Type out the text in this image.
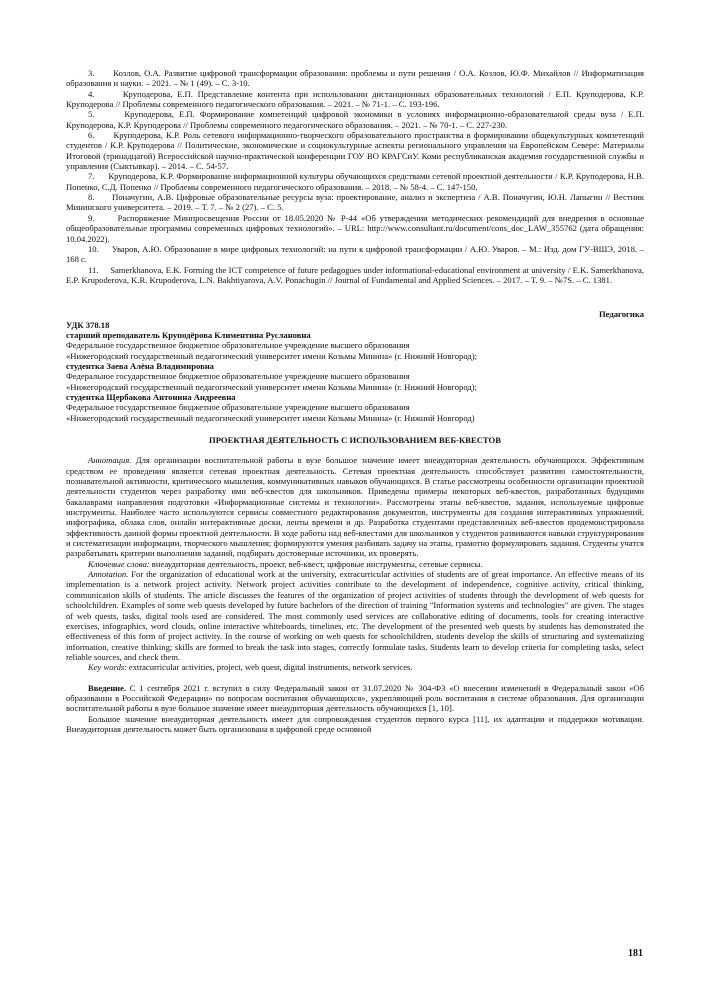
3. Козлов, О.А. Развитие цифровой трансформации образования: проблемы и пути решения / О.А. Козлов, Ю.Ф. Михайлов // Информатизация образования и науки. – 2021. – № 1 (49). – С. 3-10.

4.	Круподерова, Е.П. Представление контента при использовании дистанционных образовательных технологий / Е.П. Круподерова, К.Р. Круподерова // Проблемы современного педагогического образования. – 2021. – № 71-1. – С. 193-196.

5.	Круподерова, Е.П. Формирование компетенций цифровой экономики в условиях информационно-образовательной среды вуза / Е.П. Круподерова, К.Р. Круподерова // Проблемы современного педагогического образования. – 2021. – № 70-1. – С. 227-230.

6. Круподерова, К.Р. Роль сетевого информационно-творческого образовательного пространства в формировании общекультурных компетенций студентов / К.Р. Круподерова // Политические, экономические и социокультурные аспекты регионального управления на Европейском Севере: Материалы Итоговой (тринадцатой) Всероссийской научно-практической конференции ГОУ ВО КРАГСиУ. Коми республиканская академия государственной службы и управления (Сыктывкар). – 2014. – С. 54-57.

7. Круподерова, К.Р. Формирование информационной культуры обучающихся средствами сетевой проектной деятельности / К.Р. Круподерова, Н.В. Попенко, С.Д. Попенко // Проблемы современного педагогического образования. – 2018. – № 58-4. – С. 147-150.

8. Поначугин, А.В. Цифровые образовательные ресурсы вуза: проектирование, анализ и экспертиза / А.В. Поначугин, Ю.Н. Лапыгин // Вестник Мининского университета. – 2019. – Т. 7. – № 2 (27). – С. 5.

9.	Распоряжение Минпросвещения России от 18.05.2020 № Р-44 «Об утверждении методических рекомендаций для внедрения в основные общеобразовательные программы современных цифровых технологий». – URL: http://www.consultant.ru/document/cons_doc_LAW_355762 (дата обращения: 10.04.2022).

10. Уваров, А.Ю. Образование в мире цифровых технологий: на пути к цифровой трансформации / А.Ю. Уваров. – М.: Изд. дом ГУ-ВШЭ, 2018. – 168 с.

11. Samerkhanova, E.K. Forming the ICT competence of future pedagogues under informational-educational environment at university / E.K. Samerkhanova, E.P. Krupoderova, K.R. Krupoderova, L.N. Bakhtiyarova, A.V. Ponachugin // Journal of Fundamental and Applied Sciences. – 2017. – Т. 9. – №7S. – С. 1381.

Педагогика

УДК 378.18

старший преподаватель Круподёрова Климентина Руслановна

Федеральное государственное бюджетное образовательное учреждение высшего образования

«Нижегородский государственный педагогический университет имени Козьмы Минина» (г. Нижний Новгород);

студентка Заева Алёна Владимировна

Федеральное государственное бюджетное образовательное учреждение высшего образования

«Нижегородский государственный педагогический университет имени Козьмы Минина» (г. Нижний Новгород);

студентка Щербакова Антонина Андреевна

Федеральное государственное бюджетное образовательное учреждение высшего образования

«Нижегородский государственный педагогический университет имени Козьмы Минина» (г. Нижний Новгород)

ПРОЕКТНАЯ ДЕЯТЕЛЬНОСТЬ С ИСПОЛЬЗОВАНИЕМ ВЕБ-КВЕСТОВ

Аннотация. Для организации воспитательной работы в вузе большое значение имеет внеаудиторная деятельность обучающихся. Эффективным средством ее проведения является сетевая проектная деятельность. Сетевая проектная деятельность способствует развитию самостоятельности, познавательной активности, критического мышления, коммуникативных навыков обучающихся. В статье рассмотрены особенности организации проектной деятельности студентов через разработку ими веб-квестов для школьников. Приведены примеры некоторых веб-квестов, разработанных будущими бакалаврами направления подготовки «Информационные системы и технологии». Рассмотрены этапы веб-квестов, задания, используемые цифровые инструменты. Наиболее часто используются сервисы совместного редактирования документов, инструменты для создания интерактивных упражнений, инфографика, облака слов, онлайн интерактивные доски, ленты времени и др. Разработка студентами представленных веб-квестов продемонстрировала эффективность данной формы проектной деятельности. В ходе работы над веб-квестами для школьников у студентов развиваются навыки структурирования и систематизации информации, творческого мышления; формируются умения разбивать задачу на этапы, грамотно формулировать задания. Студенты учатся разрабатывать критерии выполнения заданий, подбирать достоверные источники, их проверять.

Ключевые слова: внеаудиторная деятельность, проект, веб-квест, цифровые инструменты, сетевые сервисы.

Annotation. For the organization of educational work at the university, extracurricular activities of students are of great importance. An effective means of its implementation is a network project activity. Network project activities contribute to the development of independence, cognitive activity, critical thinking, communication skills of students. The article discusses the features of the organization of project activities of students through the development of web quests for schoolchildren. Examples of some web quests developed by future bachelors of the direction of training "Information systems and technologies" are given. The stages of web quests, tasks, digital tools used are considered. The most commonly used services are collaborative editing of documents, tools for creating interactive exercises, infographics, word clouds, online interactive whiteboards, timelines, etc. The development of the presented web quests by students has demonstrated the effectiveness of this form of project activity. In the course of working on web quests for schoolchildren, students develop the skills of structuring and systematizing information, creative thinking; skills are formed to break the task into stages, correctly formulate tasks. Students learn to develop criteria for completing tasks, select reliable sources, and check them.

Key words: extracurricular activities, project, web quest, digital instruments, network services.

Введение. С 1 сентября 2021 г. вступил в силу Федеральный закон от 31.07.2020 № 304-ФЗ «О внесении изменений в Федеральный закон «Об образовании в Российской Федерации» по вопросам воспитания обучающихся», укрепляющий роль воспитания в системе образования. Для организации воспитательной работы в вузе большое значение имеет внеаудиторная деятельность обучающихся [1, 10].

Большое значение внеаудиторная деятельность имеет для сопровождения студентов первого курса [11], их адаптации и поддержки мотивации. Внеаудиторная деятельность может быть организована в цифровой среде основной

181
